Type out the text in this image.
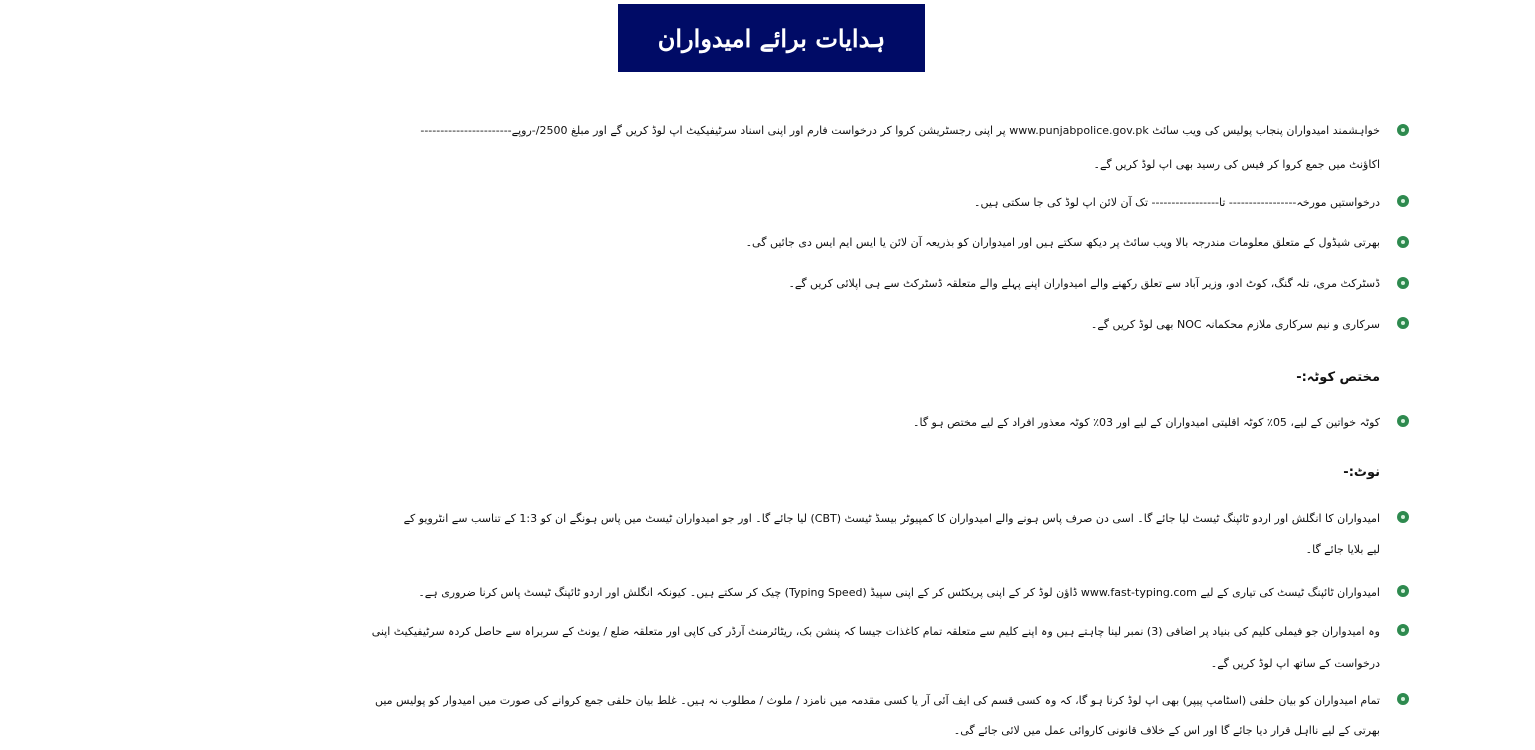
ہدایات برائے امیدواران
خواہشمند امیدواران پنجاب پولیس کی ویب سائٹ www.punjabpolice.gov.pk پر اپنی رجسٹریشن کروا کر درخواست فارم اور اپنی اسناد سرٹیفیکیٹ اپ لوڈ کریں گے اور مبلغ 2500/-روپے-----------------------
اکاؤنٹ میں جمع کروا کر فیس کی رسید بھی اپ لوڈ کریں گے۔
درخواستیں مورخہ----------------- تا----------------- تک آن لائن اپ لوڈ کی جا سکتی ہیں۔
بھرتی شیڈول کے متعلق معلومات مندرجہ بالا ویب سائٹ پر دیکھ سکتے ہیں اور امیدواران کو بذریعہ آن لائن یا ایس ایم ایس دی جائیں گی۔
ڈسٹرکٹ مری، تلہ گنگ، کوٹ ادو، وزیر آباد سے تعلق رکھنے والے امیدواران اپنے پہلے والے متعلقہ ڈسٹرکٹ سے ہی اپلائی کریں گے۔
سرکاری و نیم سرکاری ملازم محکمانہ NOC بھی لوڈ کریں گے۔
مختص کوٹہ:-
کوٹہ خواتین کے لیے، 05٪ کوٹہ اقلیتی امیدواران کے لیے اور 03٪ کوٹہ معذور افراد کے لیے مختص ہو گا۔
نوٹ:-
امیدواران کا انگلش اور اردو ٹائپنگ ٹیسٹ لیا جائے گا۔ اسی دن صرف پاس ہونے والے امیدواران کا کمپیوٹر بیسڈ ٹیسٹ (CBT) لیا جائے گا۔ اور جو امیدواران ٹیسٹ میں پاس ہونگے ان کو 1:3 کے تناسب سے انٹرویو کے
لیے بلایا جائے گا۔
امیدواران ٹائپنگ ٹیسٹ کی تیاری کے لیے www.fast-typing.com ڈاؤن لوڈ کر کے اپنی پریکٹس کر کے اپنی سپیڈ (Typing Speed) چیک کر سکتے ہیں۔ کیونکہ انگلش اور اردو ٹائپنگ ٹیسٹ پاس کرنا ضروری ہے۔
وہ امیدواران جو فیملی کلیم کی بنیاد پر اضافی (3) نمبر لینا چاہتے ہیں وہ اپنے کلیم سے متعلقہ تمام کاغذات جیسا کہ پنشن بک، ریٹائرمنٹ آرڈر کی کاپی اور متعلقہ ضلع / یونٹ کے سربراہ سے حاصل کردہ سرٹیفیکیٹ اپنی
درخواست کے ساتھ اپ لوڈ کریں گے۔
تمام امیدواران کو بیان حلفی (اسٹامپ پیپر) بھی اپ لوڈ کرنا ہو گا، کہ وہ کسی قسم کی ایف آئی آر یا کسی مقدمہ میں نامزد / ملوث / مطلوب نہ ہیں۔ غلط بیان حلفی جمع کروانے کی صورت میں امیدوار کو پولیس میں
بھرتی کے لیے نااہل قرار دیا جائے گا اور اس کے خلاف قانونی کاروائی عمل میں لائی جائے گی۔
